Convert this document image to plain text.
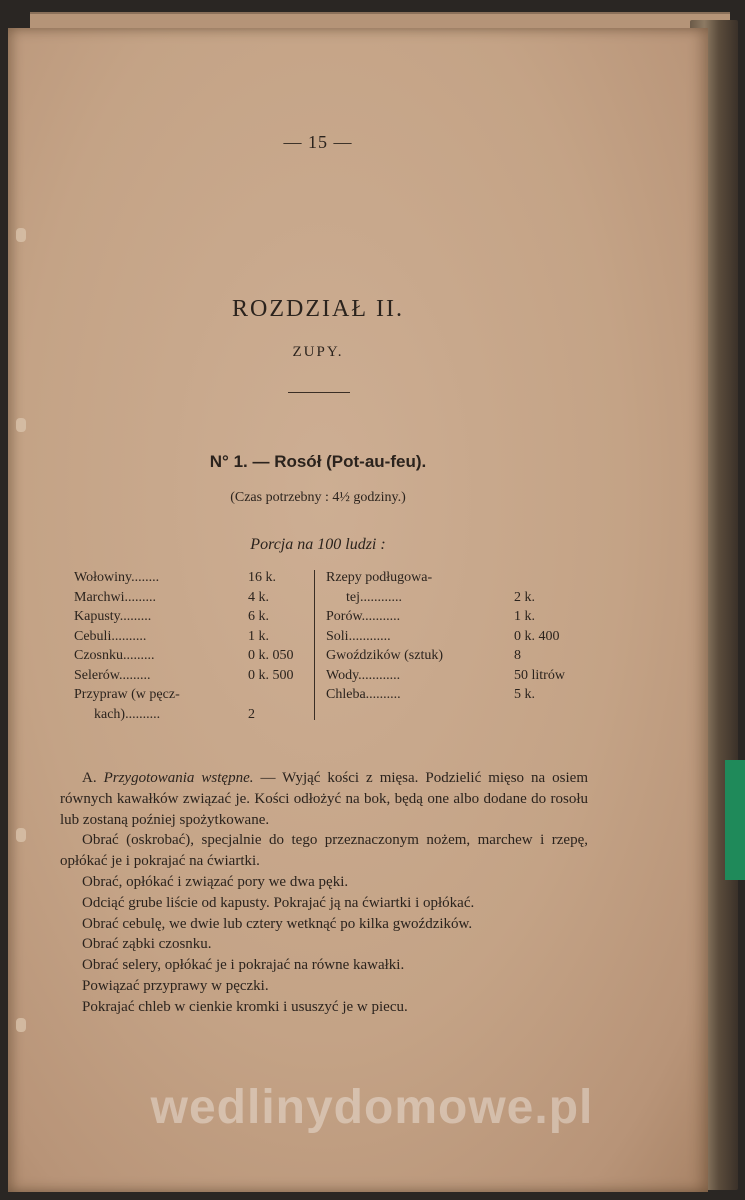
— 15 —
ROZDZIAŁ II.
ZUPY.
N° 1. — Rosół (Pot-au-feu).
(Czas potrzebny : 4½ godziny.)
Porcja na 100 ludzi :
Wołowiny........	16 k.
Marchwi.........	4 k.
Kapusty.........	6 k.
Cebuli..........	1 k.
Czosnku.........	0 k. 050
Selerów.........	0 k. 500
Przypraw (w pęcz-
kach)..........	2
Rzepy podługowa-
tej............	2 k.
Porów...........	1 k.
Soli............	0 k. 400
Gwoździków (sztuk)	8
Wody............	50 litrów
Chleba..........	5 k.

A. Przygotowania wstępne. — Wyjąć kości z mięsa. Podzielić mięso na osiem równych kawałków związać je. Kości odłożyć na bok, będą one albo dodane do rosołu lub zostaną poźniej spożytkowane.

Obrać (oskrobać), specjalnie do tego przeznaczonym nożem, marchew i rzepę, opłókać je i pokrajać na ćwiartki.

Obrać, opłókać i związać pory we dwa pęki.

Odciąć grube liście od kapusty. Pokrajać ją na ćwiartki i opłókać.

Obrać cebulę, we dwie lub cztery wetknąć po kilka gwoździków.

Obrać ząbki czosnku.

Obrać selery, opłókać je i pokrajać na równe kawałki.

Powiązać przyprawy w pęczki.

Pokrajać chleb w cienkie kromki i ususzyć je w piecu.

wedlinydomowe.pl
